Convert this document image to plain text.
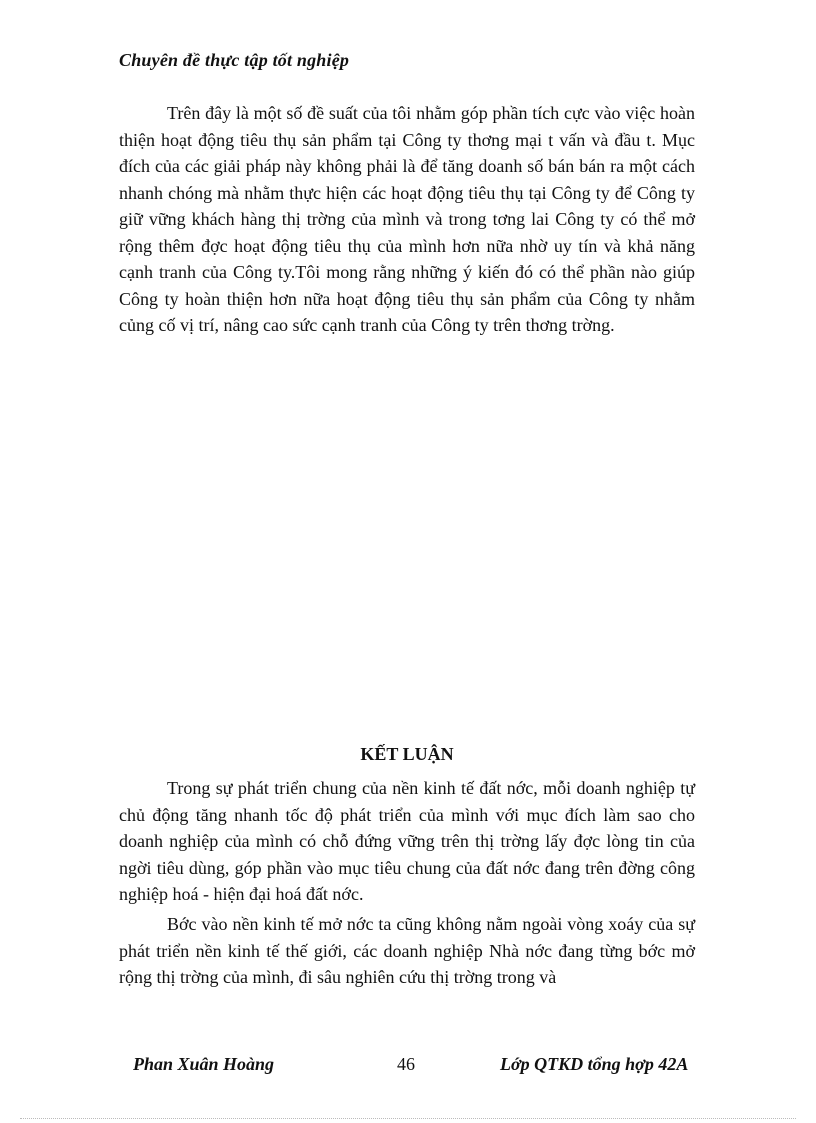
Chuyên đề thực tập tốt nghiệp

Trên đây là một số đề suất của tôi nhằm góp phần tích cực vào việc hoàn thiện hoạt động tiêu thụ sản phẩm tại Công ty thơng mại t vấn và đầu t. Mục đích của các giải pháp này không phải là để tăng doanh số bán bán ra một cách nhanh chóng mà nhằm thực hiện các hoạt động tiêu thụ tại Công ty để Công ty giữ vững khách hàng thị trờng của mình và trong tơng lai Công ty có thể mở rộng thêm đợc hoạt động tiêu thụ của mình hơn nữa nhờ uy tín và khả năng cạnh tranh của Công ty.Tôi mong rằng những ý kiến đó có thể phần nào giúp Công ty hoàn thiện hơn nữa hoạt động tiêu thụ sản phẩm của Công ty nhằm củng cố vị trí, nâng cao sức cạnh tranh của Công ty trên thơng trờng.

KẾT LUẬN

Trong sự phát triển chung của nền kinh tế đất nớc, mỗi doanh nghiệp tự chủ động tăng nhanh tốc độ phát triển của mình với mục đích làm sao cho doanh nghiệp của mình có chỗ đứng vững trên thị trờng lấy đợc lòng tin của ngời tiêu dùng, góp phần vào mục tiêu chung của đất nớc đang trên đờng công nghiệp hoá - hiện đại hoá đất nớc.

Bớc vào nền kinh tế mở nớc ta cũng không nằm ngoài vòng xoáy của sự phát triển nền kinh tế thế giới, các doanh nghiệp Nhà nớc đang từng bớc mở rộng thị trờng của mình, đi sâu nghiên cứu thị trờng trong và

Phan Xuân Hoàng	46	Lớp QTKD tổng hợp 42A
